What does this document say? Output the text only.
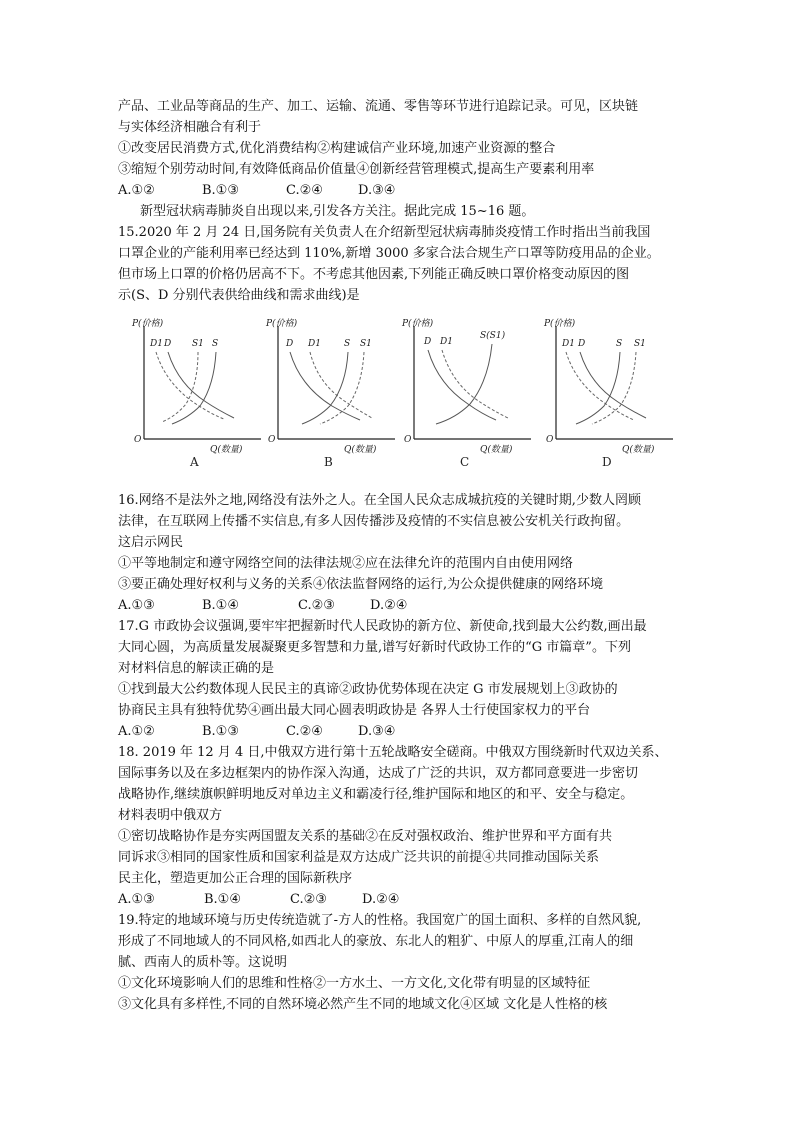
产品、工业品等商品的生产、加工、运输、流通、零售等环节进行追踪记录。可见，区块链
与实体经济相融合有利于
①改变居民消费方式,优化消费结构②构建诚信产业环境,加速产业资源的整合
③缩短个别劳动时间,有效降低商品价值量④创新经营管理模式,提高生产要素利用率
A.①②	B.①③	C.②④	D.③④
新型冠状病毒肺炎自出现以来,引发各方关注。据此完成 15~16 题。
15.2020 年 2 月 24 日,国务院有关负责人在介绍新型冠状病毒肺炎疫情工作时指出当前我国
口罩企业的产能利用率已经达到 110%,新增 3000 多家合法合规生产口罩等防疫用品的企业。
但市场上口罩的价格仍居高不下。不考虑其他因素,下列能正确反映口罩价格变动原因的图
示(S、D 分别代表供给曲线和需求曲线)是
P(价格)
O
Q(数量)
D1 D S1 S
A
P(价格)
O
Q(数量)
D D1	S S1
B
P(价格)
O
Q(数量)
D D1
S(S1)
C
P(价格)
O
Q(数量)
D1 D	S S1
D
16.网络不是法外之地,网络没有法外之人。在全国人民众志成城抗疫的关键时期,少数人罔顾
法律，在互联网上传播不实信息,有多人因传播涉及疫情的不实信息被公安机关行政拘留。
这启示网民
①平等地制定和遵守网络空间的法律法规②应在法律允许的范围内自由使用网络
③要正确处理好权利与义务的关系④依法监督网络的运行,为公众提供健康的网络环境
A.①③	B.①④	C.②③	D.②④
17.G 市政协会议强调,要牢牢把握新时代人民政协的新方位、新使命,找到最大公约数,画出最
大同心圆，为高质量发展凝聚更多智慧和力量,谱写好新时代政协工作的“G 市篇章”。下列
对材料信息的解读正确的是
①找到最大公约数体现人民民主的真谛②政协优势体现在决定 G 市发展规划上③政协的
协商民主具有独特优势④画出最大同心圆表明政协是 各界人士行使国家权力的平台
A.①②	B.①③	C.②④	D.③④
18. 2019 年 12 月 4 日,中俄双方进行第十五轮战略安全磋商。中俄双方围绕新时代双边关系、
国际事务以及在多边框架内的协作深入沟通，达成了广泛的共识，双方都同意要进一步密切
战略协作,继续旗帜鲜明地反对单边主义和霸凌行径,维护国际和地区的和平、安全与稳定。
材料表明中俄双方
①密切战略协作是夯实两国盟友关系的基础②在反对强权政治、维护世界和平方面有共
同诉求③相同的国家性质和国家利益是双方达成广泛共识的前提④共同推动国际关系
民主化，塑造更加公正合理的国际新秩序
A.①③	B.①④	C.②③	D.②④
19.特定的地域环境与历史传统造就了-方人的性格。我国宽广的国土面积、多样的自然风貌,
形成了不同地域人的不同风格,如西北人的豪放、东北人的粗犷、中原人的厚重,江南人的细
腻、西南人的质朴等。这说明
①文化环境影响人们的思维和性格②一方水土、一方文化,文化带有明显的区域特征
③文化具有多样性,不同的自然环境必然产生不同的地域文化④区域 文化是人性格的核
